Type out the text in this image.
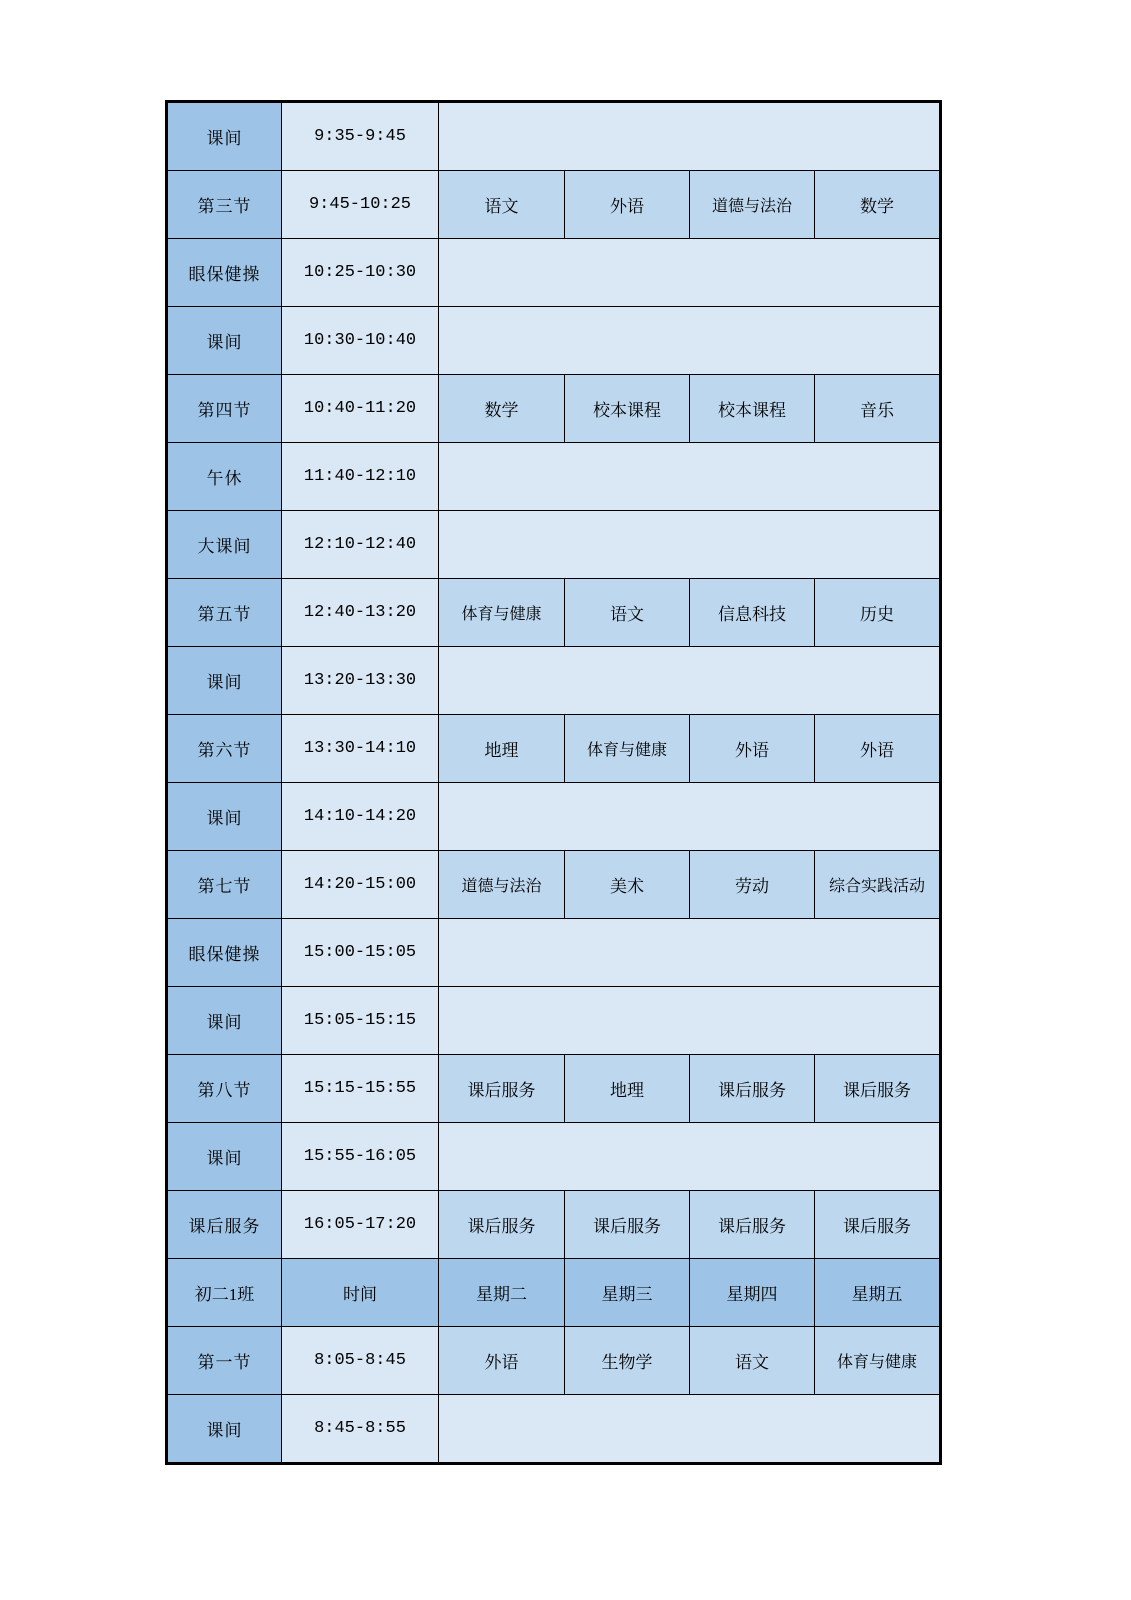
课间	9:35-9:45				
第三节	9:45-10:25	语文	外语	道德与法治	数学
眼保健操	10:25-10:30				
课间	10:30-10:40				
第四节	10:40-11:20	数学	校本课程	校本课程	音乐
午休	11:40-12:10				
大课间	12:10-12:40				
第五节	12:40-13:20	体育与健康	语文	信息科技	历史
课间	13:20-13:30				
第六节	13:30-14:10	地理	体育与健康	外语	外语
课间	14:10-14:20				
第七节	14:20-15:00	道德与法治	美术	劳动	综合实践活动
眼保健操	15:00-15:05				
课间	15:05-15:15				
第八节	15:15-15:55	课后服务	地理	课后服务	课后服务
课间	15:55-16:05				
课后服务	16:05-17:20	课后服务	课后服务	课后服务	课后服务
初二1班	时间	星期二	星期三	星期四	星期五
第一节	8:05-8:45	外语	生物学	语文	体育与健康
课间	8:45-8:55				
